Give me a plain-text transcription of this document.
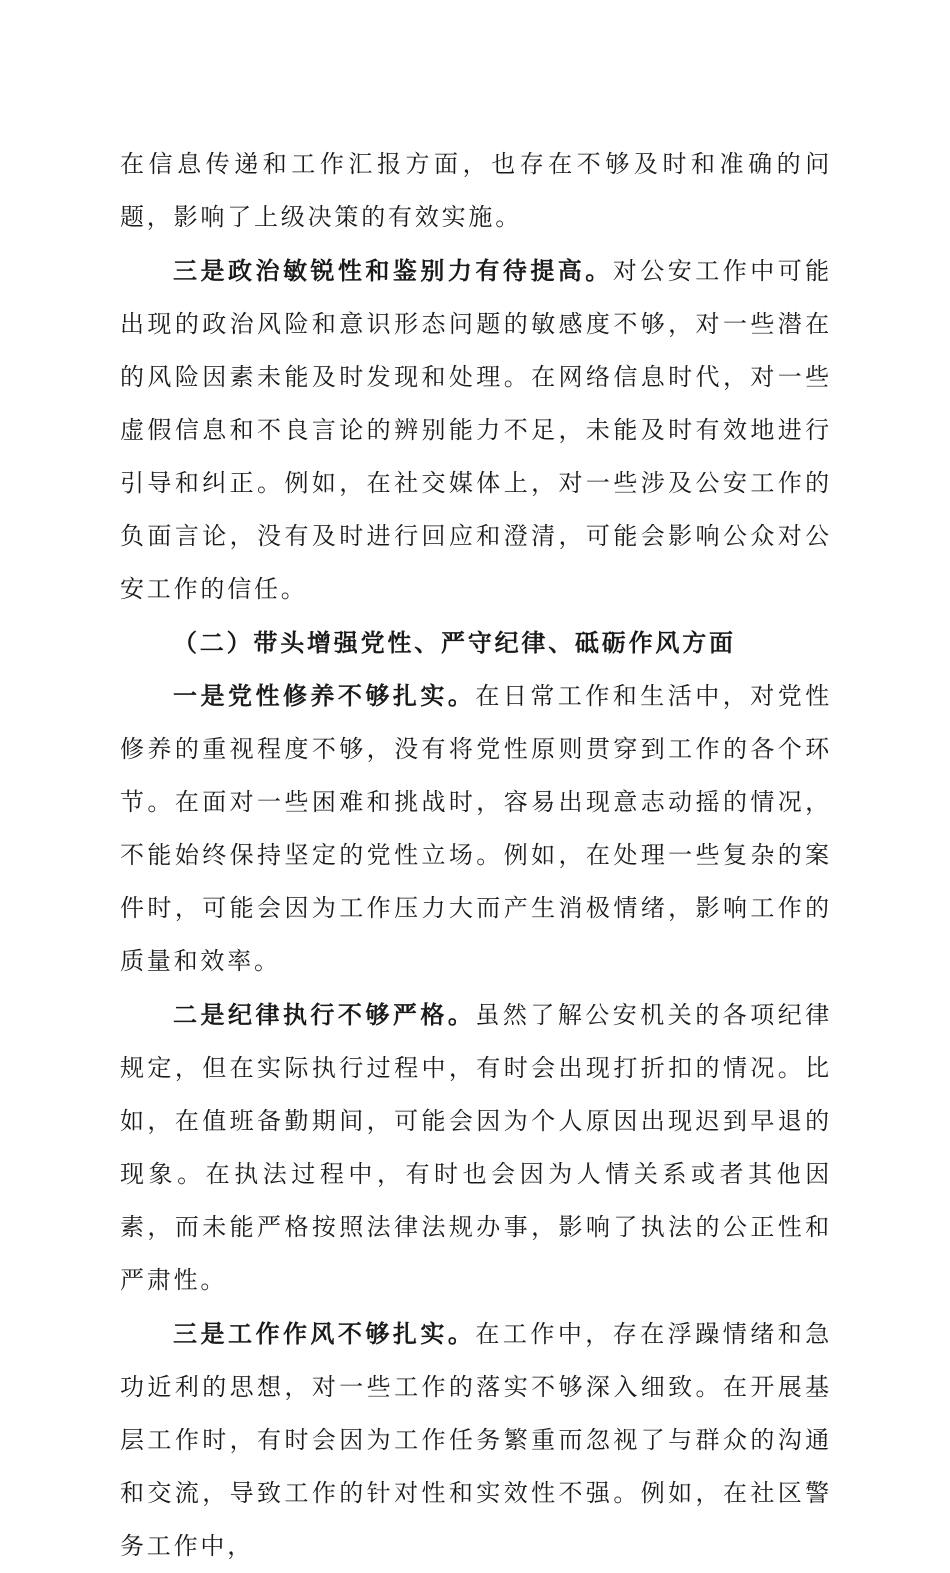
在信息传递和工作汇报方面，也存在不够及时和准确的问题，影响了上级决策的有效实施。

三是政治敏锐性和鉴别力有待提高。对公安工作中可能出现的政治风险和意识形态问题的敏感度不够，对一些潜在的风险因素未能及时发现和处理。在网络信息时代，对一些虚假信息和不良言论的辨别能力不足，未能及时有效地进行引导和纠正。例如，在社交媒体上，对一些涉及公安工作的负面言论，没有及时进行回应和澄清，可能会影响公众对公安工作的信任。

（二）带头增强党性、严守纪律、砥砺作风方面

一是党性修养不够扎实。在日常工作和生活中，对党性修养的重视程度不够，没有将党性原则贯穿到工作的各个环节。在面对一些困难和挑战时，容易出现意志动摇的情况，不能始终保持坚定的党性立场。例如，在处理一些复杂的案件时，可能会因为工作压力大而产生消极情绪，影响工作的质量和效率。

二是纪律执行不够严格。虽然了解公安机关的各项纪律规定，但在实际执行过程中，有时会出现打折扣的情况。比如，在值班备勤期间，可能会因为个人原因出现迟到早退的现象。在执法过程中，有时也会因为人情关系或者其他因素，而未能严格按照法律法规办事，影响了执法的公正性和严肃性。

三是工作作风不够扎实。在工作中，存在浮躁情绪和急功近利的思想，对一些工作的落实不够深入细致。在开展基层工作时，有时会因为工作任务繁重而忽视了与群众的沟通和交流，导致工作的针对性和实效性不强。例如，在社区警务工作中，
